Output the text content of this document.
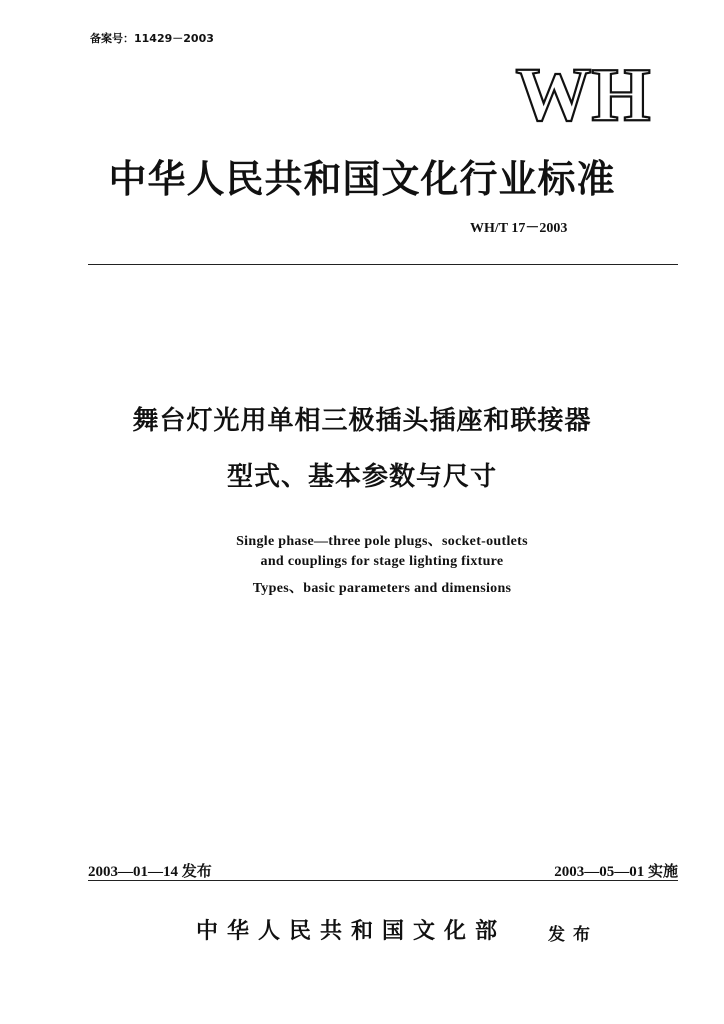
备案号：11429－2003
WH
中华人民共和国文化行业标准
WH/T 17－2003
舞台灯光用单相三极插头插座和联接器
型式、基本参数与尺寸
Single phase—three pole plugs、socket-outlets
and couplings for stage lighting fixture
Types、basic parameters and dimensions
2003—01—14 发布	2003—05—01 实施
中华人民共和国文化部 发布
